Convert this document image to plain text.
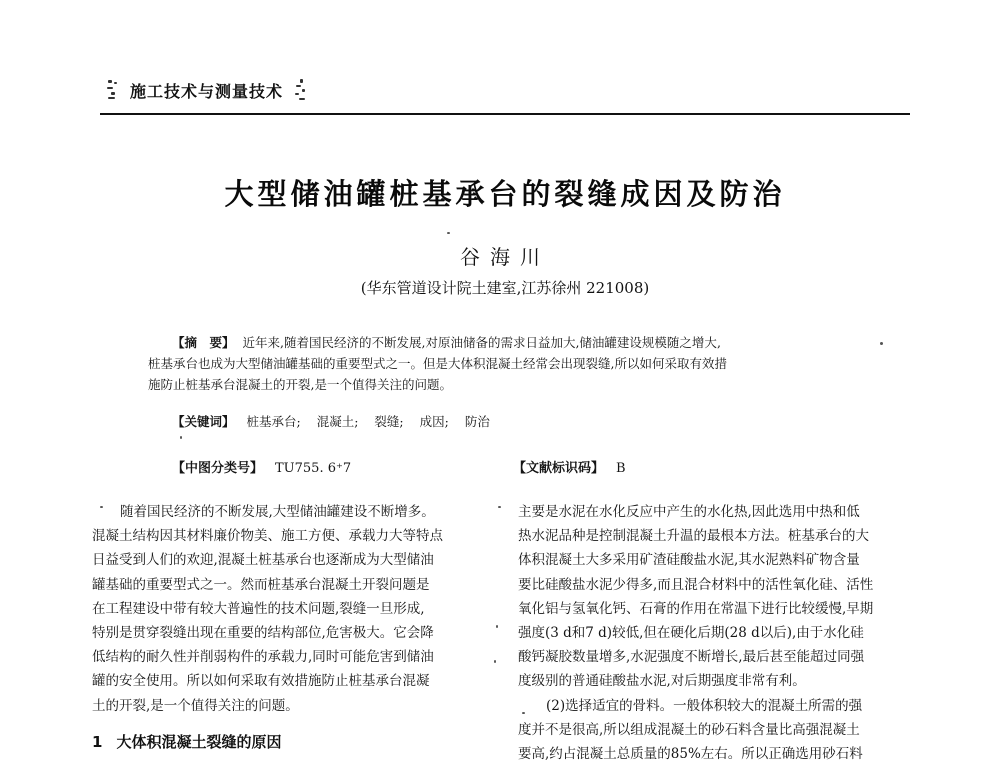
施工技术与测量技术
大型储油罐桩基承台的裂缝成因及防治
谷海川
(华东管道设计院土建室,江苏徐州 221008)
【摘　要】 近年来,随着国民经济的不断发展,对原油储备的需求日益加大,储油罐建设规模随之增大,
桩基承台也成为大型储油罐基础的重要型式之一。但是大体积混凝土经常会出现裂缝,所以如何采取有效措
施防止桩基承台混凝土的开裂,是一个值得关注的问题。
【关键词】 桩基承台; 混凝土; 裂缝; 成因; 防治
【中图分类号】 TU755. 6⁺7	【文献标识码】 B
随着国民经济的不断发展,大型储油罐建设不断增多。
混凝土结构因其材料廉价物美、施工方便、承载力大等特点
日益受到人们的欢迎,混凝土桩基承台也逐渐成为大型储油
罐基础的重要型式之一。然而桩基承台混凝土开裂问题是
在工程建设中带有较大普遍性的技术问题,裂缝一旦形成,
特别是贯穿裂缝出现在重要的结构部位,危害极大。它会降
低结构的耐久性并削弱构件的承载力,同时可能危害到储油
罐的安全使用。所以如何采取有效措施防止桩基承台混凝
土的开裂,是一个值得关注的问题。
1 大体积混凝土裂缝的原因
主要是水泥在水化反应中产生的水化热,因此选用中热和低
热水泥品种是控制混凝土升温的最根本方法。桩基承台的大
体积混凝土大多采用矿渣硅酸盐水泥,其水泥熟料矿物含量
要比硅酸盐水泥少得多,而且混合材料中的活性氧化硅、活性
氧化铝与氢氧化钙、石膏的作用在常温下进行比较缓慢,早期
强度(3 d和7 d)较低,但在硬化后期(28 d以后),由于水化硅
酸钙凝胶数量增多,水泥强度不断增长,最后甚至能超过同强
度级别的普通硅酸盐水泥,对后期强度非常有利。
(2)选择适宜的骨料。一般体积较大的混凝土所需的强
度并不是很高,所以组成混凝土的砂石料含量比高强混凝土
要高,约占混凝土总质量的85%左右。所以正确选用砂石料
